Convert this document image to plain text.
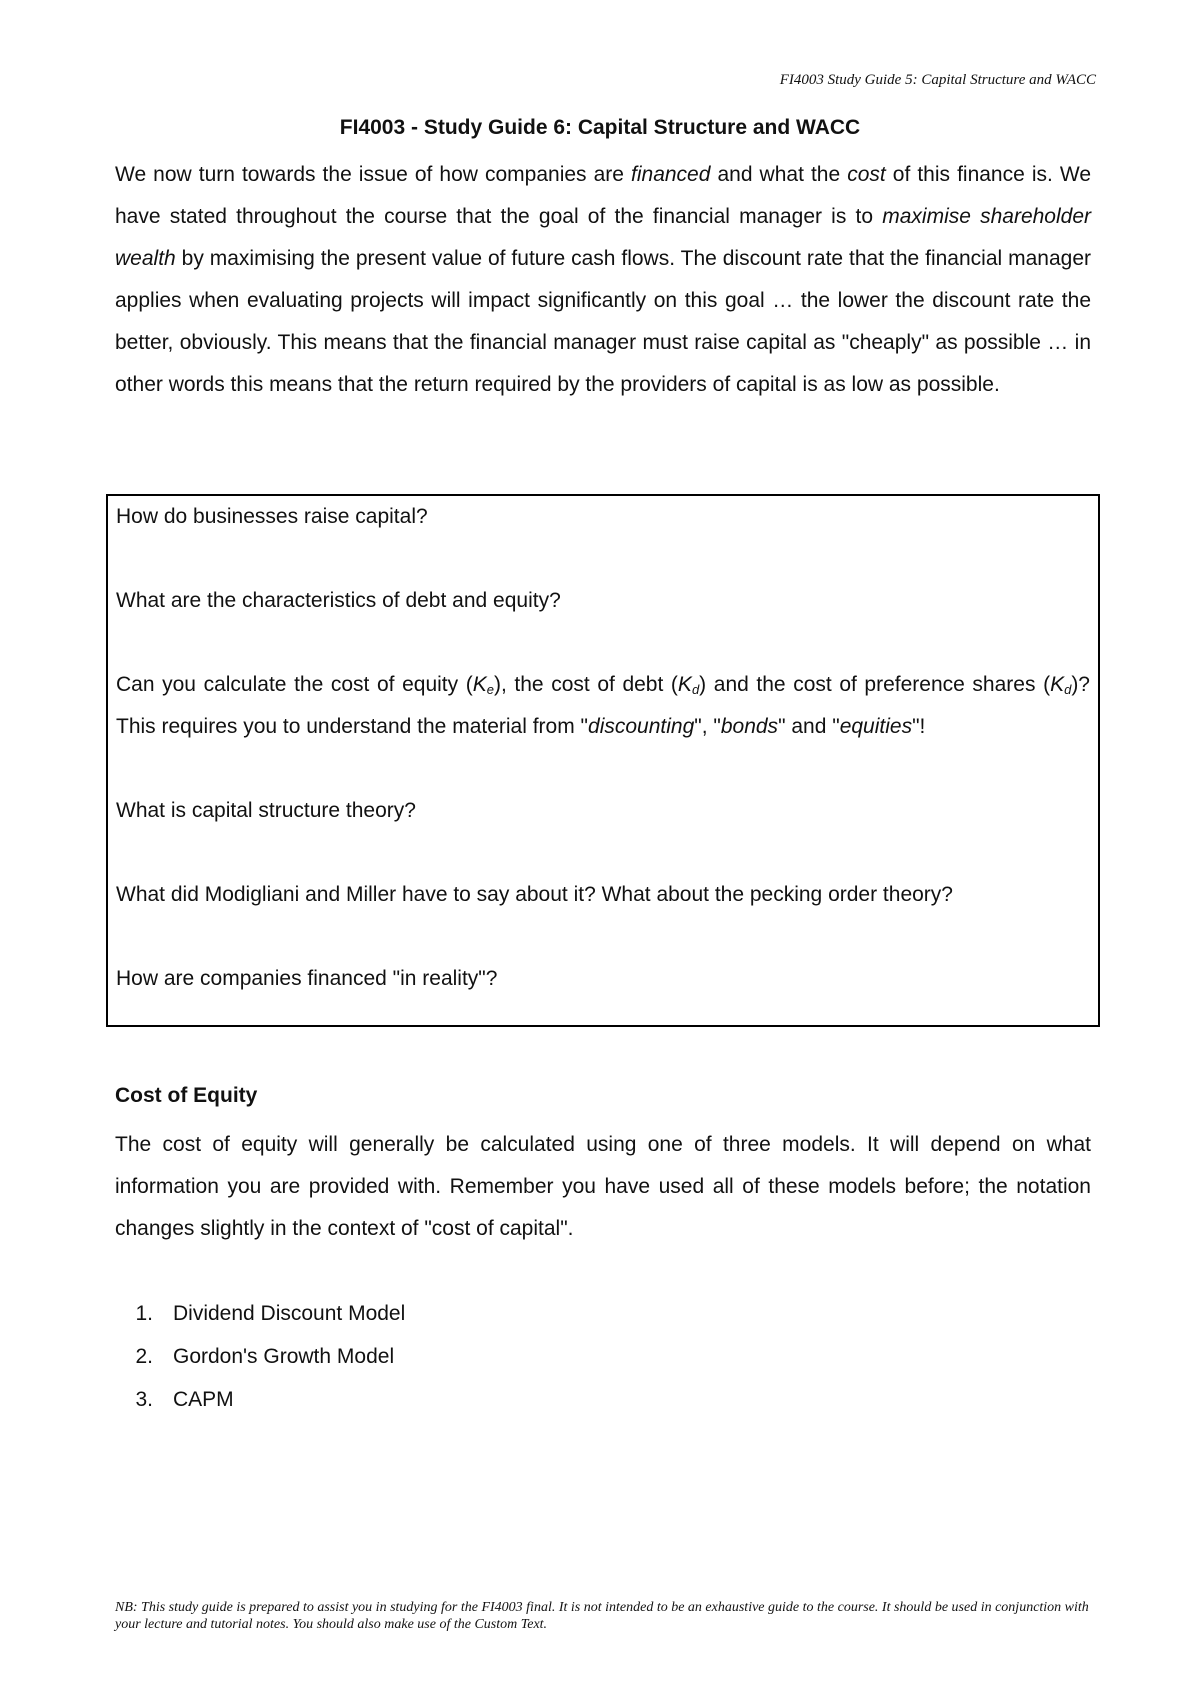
FI4003 Study Guide 5: Capital Structure and WACC
FI4003 - Study Guide 6: Capital Structure and WACC

We now turn towards the issue of how companies are financed and what the cost of this finance is. We have stated throughout the course that the goal of the financial manager is to maximise shareholder wealth by maximising the present value of future cash flows. The discount rate that the financial manager applies when evaluating projects will impact significantly on this goal … the lower the discount rate the better, obviously. This means that the financial manager must raise capital as "cheaply" as possible … in other words this means that the return required by the providers of capital is as low as possible.

How do businesses raise capital?

What are the characteristics of debt and equity?

Can you calculate the cost of equity $(K_e)$, the cost of debt $(K_d)$ and the cost of preference shares $(K_d)$? This requires you to understand the material from "discounting", "bonds" and "equities"!

What is capital structure theory?

What did Modigliani and Miller have to say about it? What about the pecking order theory?

How are companies financed "in reality"?

Cost of Equity

The cost of equity will generally be calculated using one of three models. It will depend on what information you are provided with. Remember you have used all of these models before; the notation changes slightly in the context of "cost of capital".

1. Dividend Discount Model
2. Gordon's Growth Model
3. CAPM
NB: This study guide is prepared to assist you in studying for the FI4003 final. It is not intended to be an exhaustive guide to the course. It should be used in conjunction with your lecture and tutorial notes. You should also make use of the Custom Text.
